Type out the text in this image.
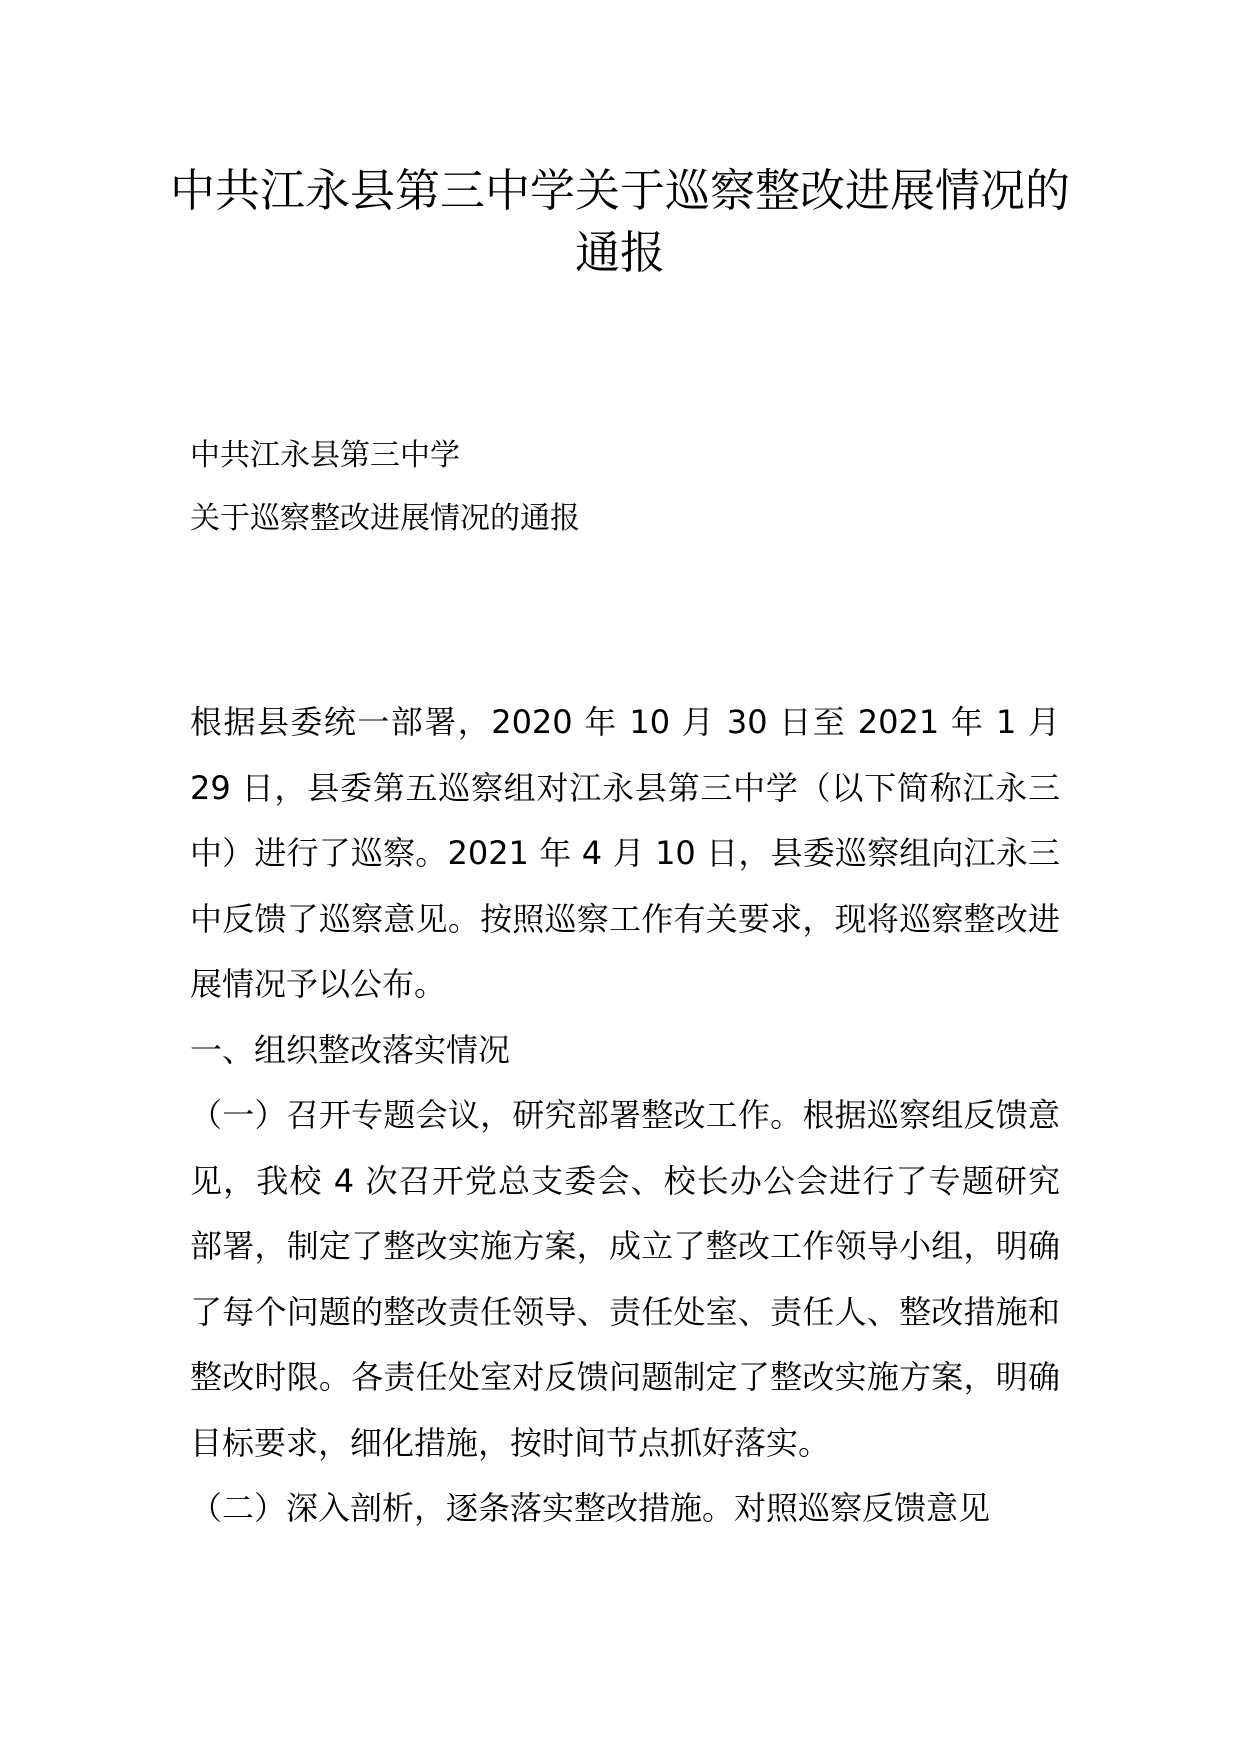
中共江永县第三中学关于巡察整改进展情况的通报

中共江永县第三中学

关于巡察整改进展情况的通报

根据县委统一部署，2020 年 10 月 30 日至 2021 年 1 月 29 日，县委第五巡察组对江永县第三中学（以下简称江永三中）进行了巡察。2021 年 4 月 10 日，县委巡察组向江永三中反馈了巡察意见。按照巡察工作有关要求，现将巡察整改进展情况予以公布。

一、组织整改落实情况

（一）召开专题会议，研究部署整改工作。根据巡察组反馈意见，我校 4 次召开党总支委会、校长办公会进行了专题研究部署，制定了整改实施方案，成立了整改工作领导小组，明确了每个问题的整改责任领导、责任处室、责任人、整改措施和整改时限。各责任处室对反馈问题制定了整改实施方案，明确目标要求，细化措施，按时间节点抓好落实。

（二）深入剖析，逐条落实整改措施。对照巡察反馈意见
